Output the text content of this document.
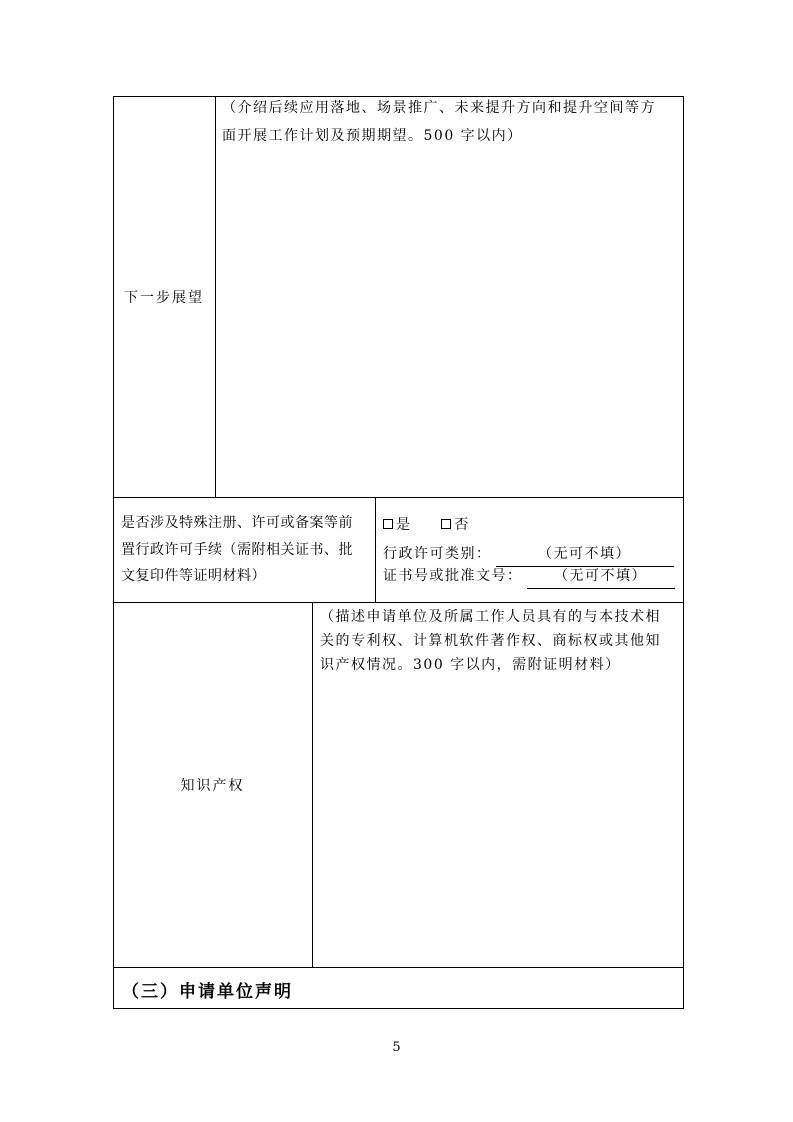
下一步展望
（介绍后续应用落地、场景推广、未来提升方向和提升空间等方
面开展工作计划及预期期望。500 字以内）
是否涉及特殊注册、许可或备案等前
置行政许可手续（需附相关证书、批
文复印件等证明材料）
是	否
行政许可类别：	（无可不填）
证书号或批准文号： （无可不填）
知识产权
（描述申请单位及所属工作人员具有的与本技术相
关的专利权、计算机软件著作权、商标权或其他知
识产权情况。300 字以内，需附证明材料）
（三）申请单位声明
5
